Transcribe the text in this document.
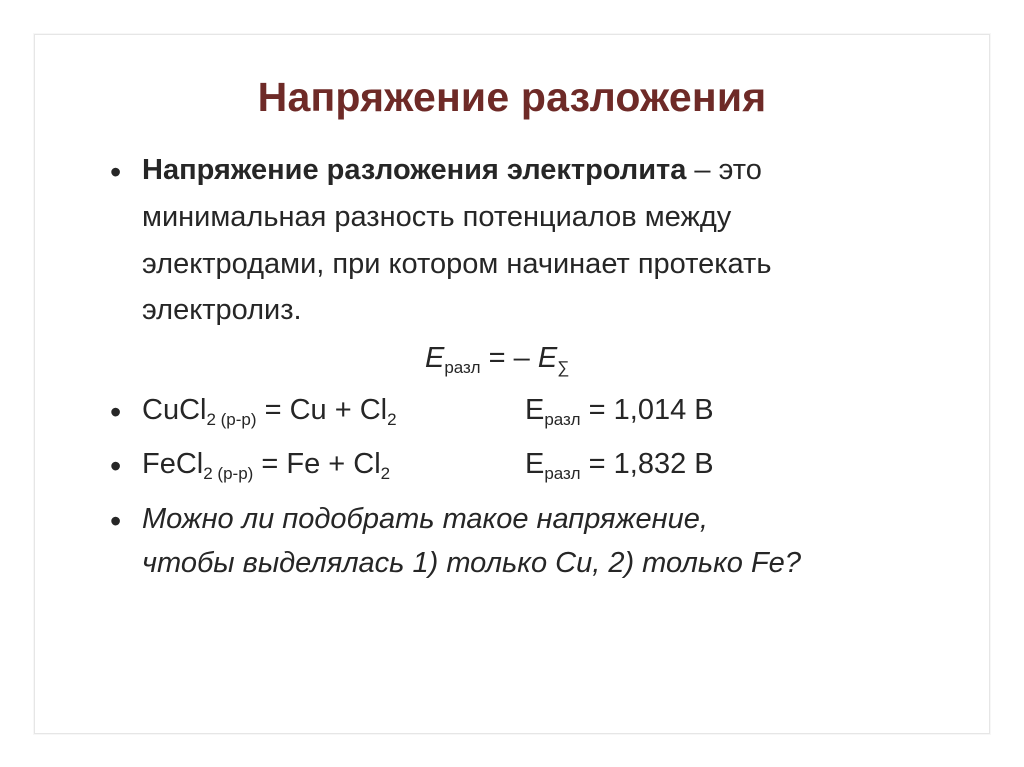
Напряжение разложения
• Напряжение разложения электролита – это
минимальная разность потенциалов между
электродами, при котором начинает протекать
электролиз.
$E_{разл}$ = – $E_\sum$
• CuCl$_{2 (р-р)}$ = $Cu + Cl_2$	$E_{разл} = 1,014$ В
• FeCl$_{2 (р-р)}$ = $Fe + Cl_2$	$E_{разл} = 1,832$ В
• Можно ли подобрать такое напряжение,
чтобы выделялась 1) только Cu, 2) только Fe?
